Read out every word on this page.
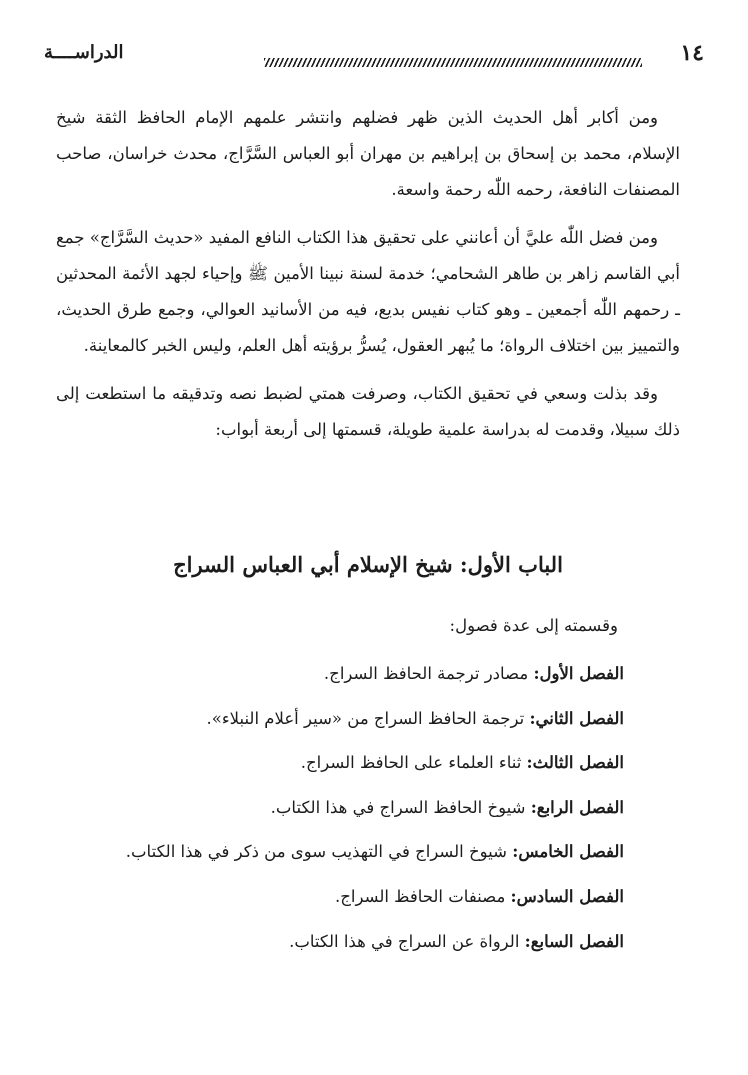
١٤
الدراســــة

ومن أكابر أهل الحديث الذين ظهر فضلهم وانتشر علمهم الإمام الحافظ الثقة شيخ الإسلام، محمد بن إسحاق بن إبراهيم بن مهران أبو العباس السَّرَّاج، محدث خراسان، صاحب المصنفات النافعة، رحمه اللّٰه رحمة واسعة.

ومن فضل اللّٰه عليَّ أن أعانني على تحقيق هذا الكتاب النافع المفيد «حديث السَّرَّاج» جمع أبي القاسم زاهر بن طاهر الشحامي؛ خدمة لسنة نبينا الأمين ﷺ وإحياء لجهد الأئمة المحدثين ـ رحمهم اللّٰه أجمعين ـ وهو كتاب نفيس بديع، فيه من الأسانيد العوالي، وجمع طرق الحديث، والتمييز بين اختلاف الرواة؛ ما يُبهر العقول، يُسرُّ برؤيته أهل العلم، وليس الخبر كالمعاينة.

وقد بذلت وسعي في تحقيق الكتاب، وصرفت همتي لضبط نصه وتدقيقه ما استطعت إلى ذلك سبيلا، وقدمت له بدراسة علمية طويلة، قسمتها إلى أربعة أبواب:

الباب الأول: شيخ الإسلام أبي العباس السراج
وقسمته إلى عدة فصول:
الفصل الأول: مصادر ترجمة الحافظ السراج.
الفصل الثاني: ترجمة الحافظ السراج من «سير أعلام النبلاء».
الفصل الثالث: ثناء العلماء على الحافظ السراج.
الفصل الرابع: شيوخ الحافظ السراج في هذا الكتاب.
الفصل الخامس: شيوخ السراج في التهذيب سوى من ذكر في هذا الكتاب.
الفصل السادس: مصنفات الحافظ السراج.
الفصل السابع: الرواة عن السراج في هذا الكتاب.
